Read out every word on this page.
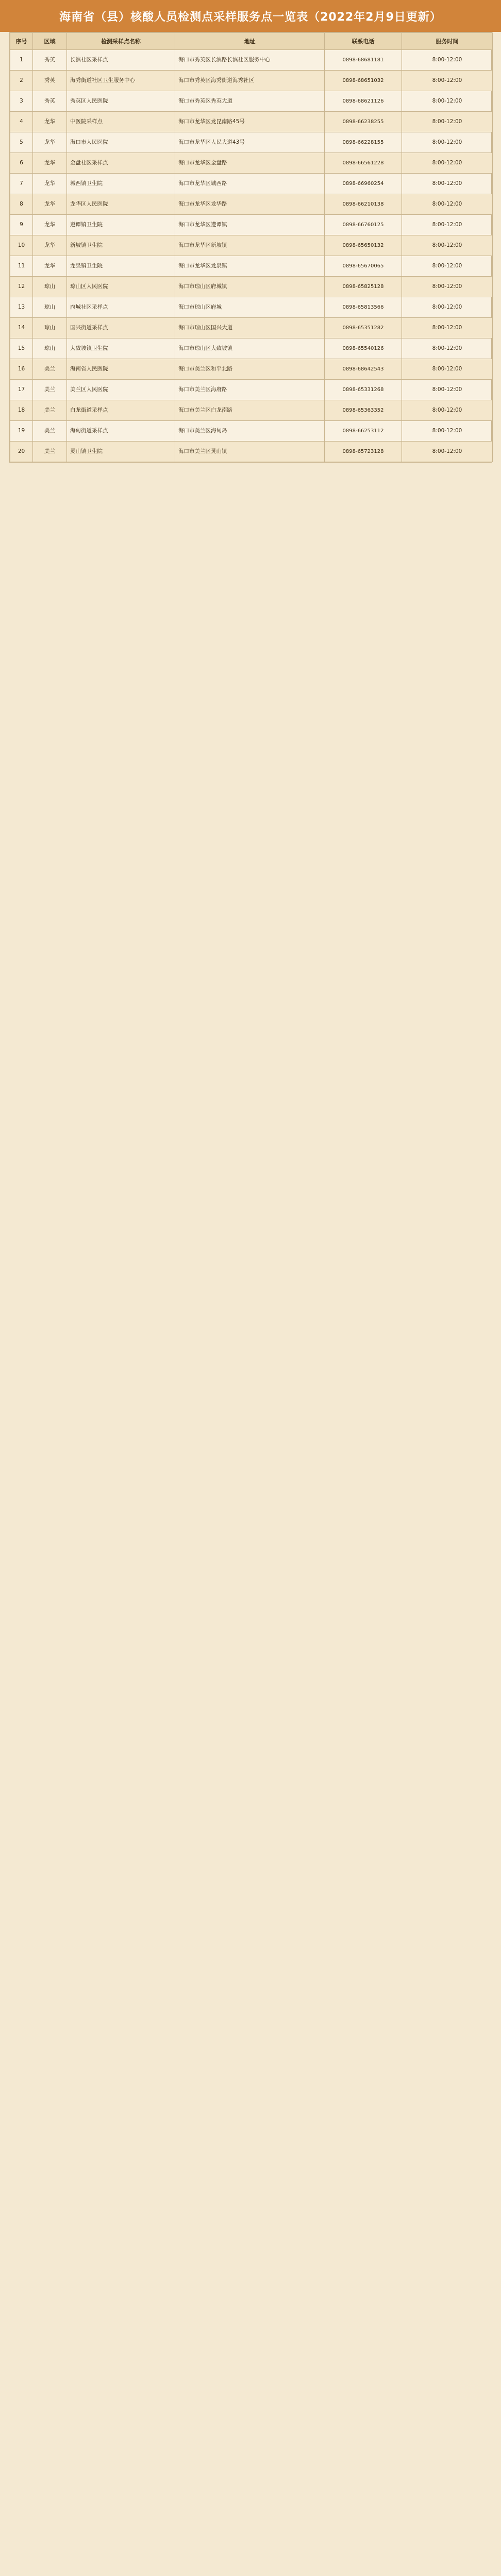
海南省（县）核酸人员检测点采样服务点一览表（2022年2月9日更新）
序号	区域	检测采样点名称	地址	联系电话	服务时间
1	秀英	长滨社区采样点	海口市秀英区长滨路长滨社区服务中心	0898-68681181	8:00-12:00
2	秀英	海秀街道社区卫生服务中心	海口市秀英区海秀街道海秀社区	0898-68651032	8:00-12:00
3	秀英	秀英区人民医院	海口市秀英区秀英大道	0898-68621126	8:00-12:00
4	龙华	中医院采样点	海口市龙华区龙昆南路45号	0898-66238255	8:00-12:00
5	龙华	海口市人民医院	海口市龙华区人民大道43号	0898-66228155	8:00-12:00
6	龙华	金盘社区采样点	海口市龙华区金盘路	0898-66561228	8:00-12:00
7	龙华	城西镇卫生院	海口市龙华区城西路	0898-66960254	8:00-12:00
8	龙华	龙华区人民医院	海口市龙华区龙华路	0898-66210138	8:00-12:00
9	龙华	遵谭镇卫生院	海口市龙华区遵谭镇	0898-66760125	8:00-12:00
10	龙华	新坡镇卫生院	海口市龙华区新坡镇	0898-65650132	8:00-12:00
11	龙华	龙泉镇卫生院	海口市龙华区龙泉镇	0898-65670065	8:00-12:00
12	琼山	琼山区人民医院	海口市琼山区府城镇	0898-65825128	8:00-12:00
13	琼山	府城社区采样点	海口市琼山区府城	0898-65813566	8:00-12:00
14	琼山	国兴街道采样点	海口市琼山区国兴大道	0898-65351282	8:00-12:00
15	琼山	大致坡镇卫生院	海口市琼山区大致坡镇	0898-65540126	8:00-12:00
16	美兰	海南省人民医院	海口市美兰区和平北路	0898-68642543	8:00-12:00
17	美兰	美兰区人民医院	海口市美兰区海府路	0898-65331268	8:00-12:00
18	美兰	白龙街道采样点	海口市美兰区白龙南路	0898-65363352	8:00-12:00
19	美兰	海甸街道采样点	海口市美兰区海甸岛	0898-66253112	8:00-12:00
20	美兰	灵山镇卫生院	海口市美兰区灵山镇	0898-65723128	8:00-12:00
